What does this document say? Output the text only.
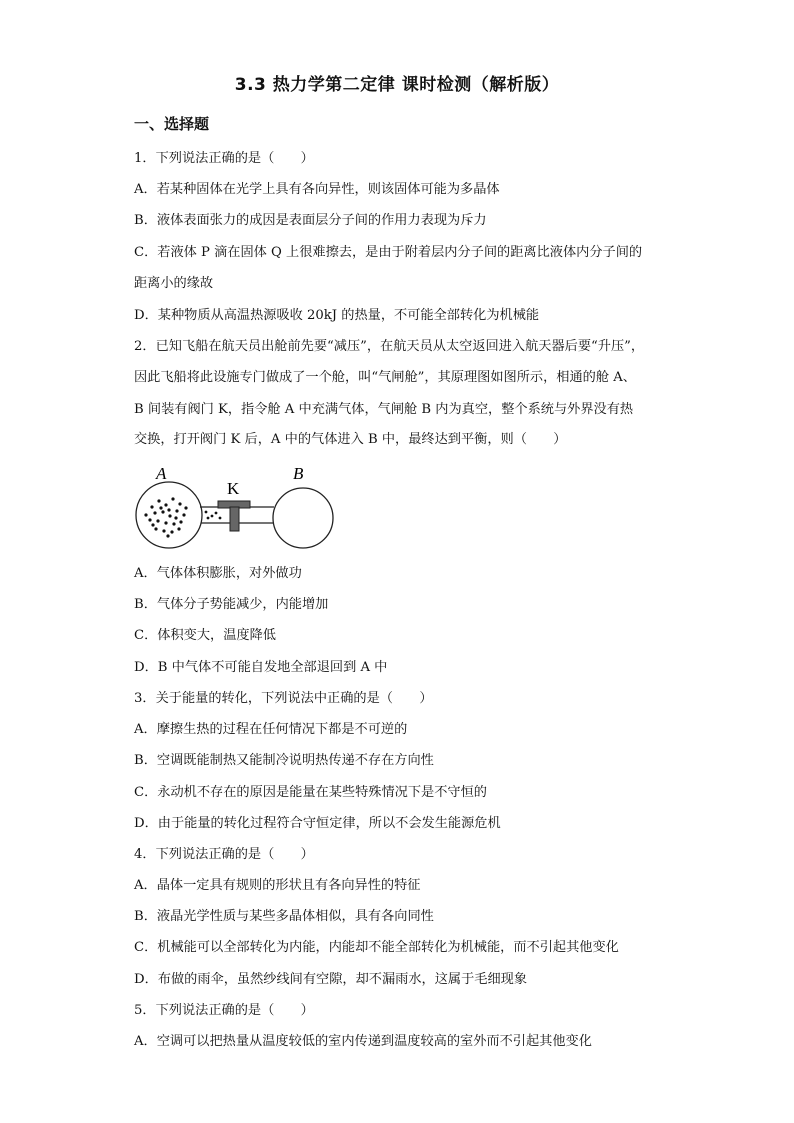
3.3 热力学第二定律 课时检测（解析版）
一、选择题
1．下列说法正确的是（　　）
A．若某种固体在光学上具有各向异性，则该固体可能为多晶体
B．液体表面张力的成因是表面层分子间的作用力表现为斥力
C．若液体 P 滴在固体 Q 上很难擦去，是由于附着层内分子间的距离比液体内分子间的
距离小的缘故
D．某种物质从高温热源吸收 20kJ 的热量，不可能全部转化为机械能
2．已知飞船在航天员出舱前先要“减压”，在航天员从太空返回进入航天器后要“升压”，
因此飞船将此设施专门做成了一个舱，叫“气闸舱”，其原理图如图所示，相通的舱 A、
B 间装有阀门 K，指令舱 A 中充满气体，气闸舱 B 内为真空，整个系统与外界没有热
交换，打开阀门 K 后，A 中的气体进入 B 中，最终达到平衡，则（　　）
A
K
B
A．气体体积膨胀，对外做功
B．气体分子势能减少，内能增加
C．体积变大，温度降低
D．B 中气体不可能自发地全部退回到 A 中
3．关于能量的转化，下列说法中正确的是（　　）
A．摩擦生热的过程在任何情况下都是不可逆的
B．空调既能制热又能制冷说明热传递不存在方向性
C．永动机不存在的原因是能量在某些特殊情况下是不守恒的
D．由于能量的转化过程符合守恒定律，所以不会发生能源危机
4．下列说法正确的是（　　）
A．晶体一定具有规则的形状且有各向异性的特征
B．液晶光学性质与某些多晶体相似，具有各向同性
C．机械能可以全部转化为内能，内能却不能全部转化为机械能，而不引起其他变化
D．布做的雨伞，虽然纱线间有空隙，却不漏雨水，这属于毛细现象
5．下列说法正确的是（　　）
A．空调可以把热量从温度较低的室内传递到温度较高的室外而不引起其他变化
